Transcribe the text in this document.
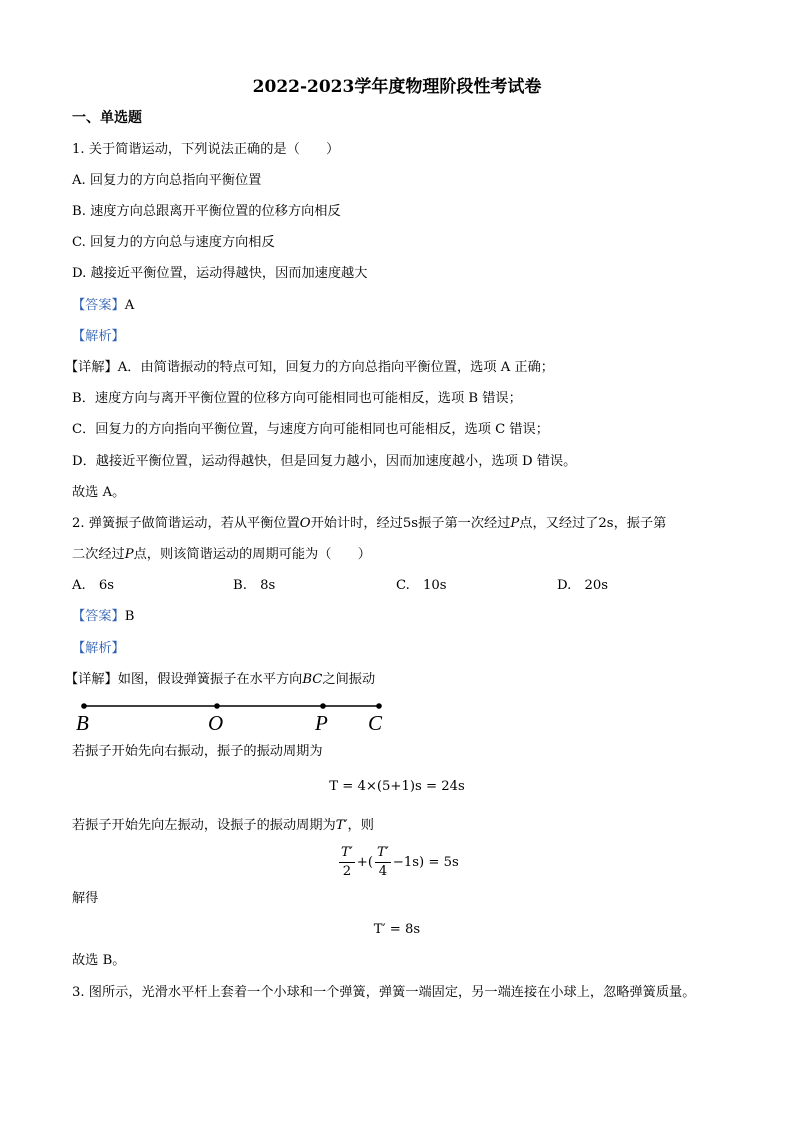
2022-2023学年度物理阶段性考试卷
一、单选题
1. 关于简谐运动，下列说法正确的是（　　）
A. 回复力的方向总指向平衡位置
B. 速度方向总跟离开平衡位置的位移方向相反
C. 回复力的方向总与速度方向相反
D. 越接近平衡位置，运动得越快，因而加速度越大
【答案】A
【解析】
【详解】A．由简谐振动的特点可知，回复力的方向总指向平衡位置，选项 A 正确；
B．速度方向与离开平衡位置的位移方向可能相同也可能相反，选项 B 错误；
C．回复力的方向指向平衡位置，与速度方向可能相同也可能相反，选项 C 错误；
D．越接近平衡位置，运动得越快，但是回复力越小，因而加速度越小，选项 D 错误。
故选 A。
2. 弹簧振子做简谐运动，若从平衡位置O开始计时，经过5s振子第一次经过P点，又经过了2s，振子第
二次经过P点，则该简谐运动的周期可能为（　　）
A.　6s	B.　8s	C.　10s	D.　20s
【答案】B
【解析】
【详解】如图，假设弹簧振子在水平方向BC之间振动
B	O	P C
若振子开始先向右振动，振子的振动周期为
T = 4×(5+1)s = 24s
若振子开始先向左振动，设振子的振动周期为T′，则
$\frac{T'}{2}$ +( $\frac{T'}{4} -1s) = 5s$
解得
T′ = 8s
故选 B。
3. 图所示，光滑水平杆上套着一个小球和一个弹簧，弹簧一端固定，另一端连接在小球上，忽略弹簧质量。
